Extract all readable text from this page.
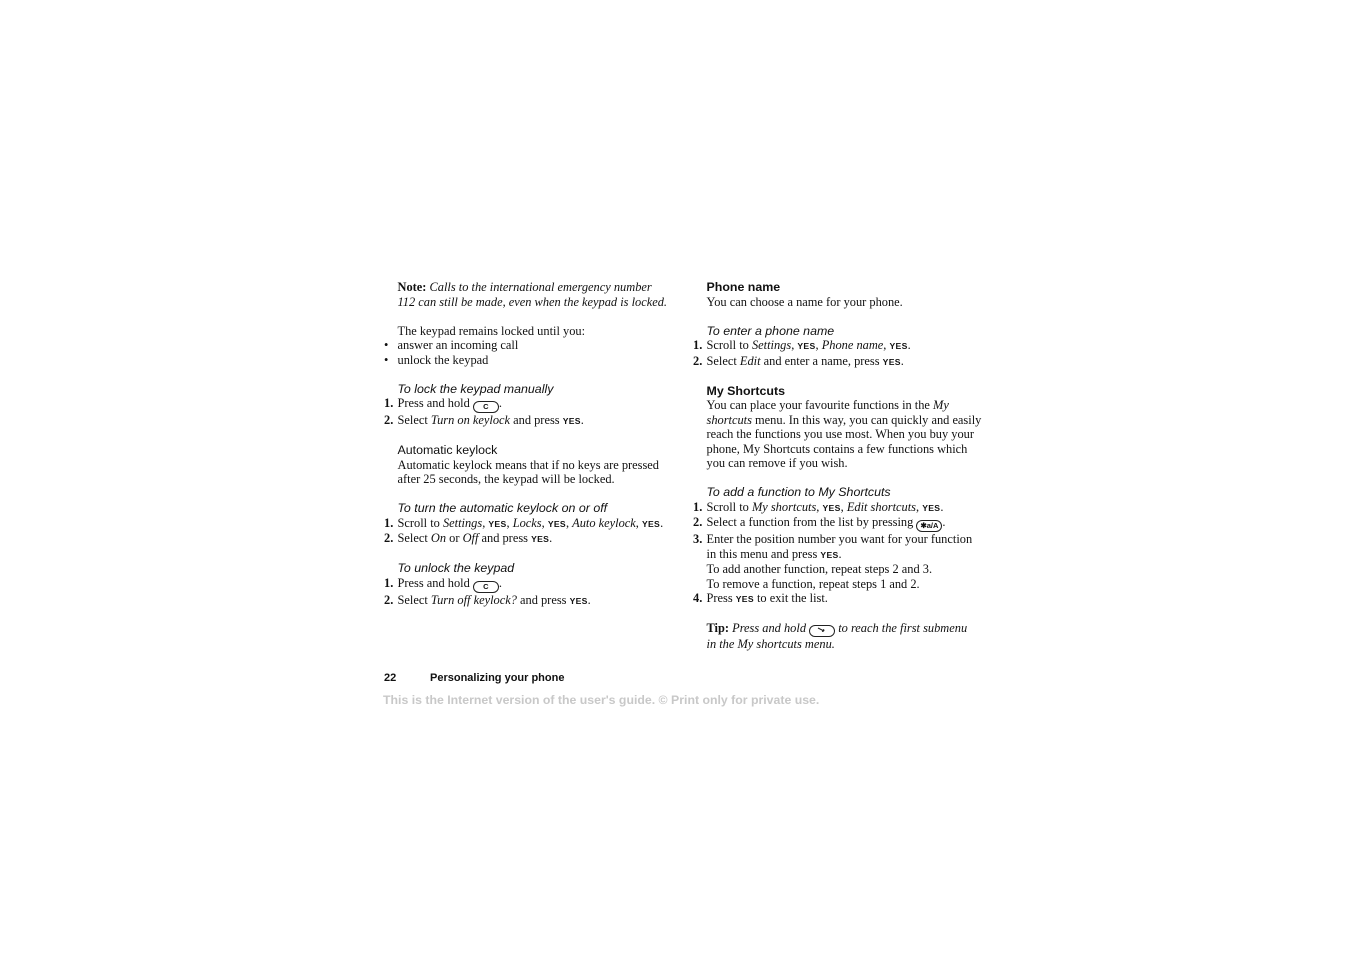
Note: Calls to the international emergency number
112 can still be made, even when the keypad is locked.
The keypad remains locked until you:
• answer an incoming call
• unlock the keypad
To lock the keypad manually
1. Press and hold C .
2. Select Turn on keylock and press YES.
Automatic keylock
Automatic keylock means that if no keys are pressed
after 25 seconds, the keypad will be locked.
To turn the automatic keylock on or off
1. Scroll to Settings, YES, Locks, YES, Auto keylock, YES.
2. Select On or Off and press YES.
To unlock the keypad
1. Press and hold C .
2. Select Turn off keylock? and press YES.
Phone name
You can choose a name for your phone.
To enter a phone name
1. Scroll to Settings, YES, Phone name, YES.
2. Select Edit and enter a name, press YES.
My Shortcuts
You can place your favourite functions in the My
shortcuts menu. In this way, you can quickly and easily
reach the functions you use most. When you buy your
phone, My Shortcuts contains a few functions which
you can remove if you wish.
To add a function to My Shortcuts
1. Scroll to My shortcuts, YES, Edit shortcuts, YES.
2. Select a function from the list by pressing ✱a/A .
3. Enter the position number you want for your function
in this menu and press YES.
To add another function, repeat steps 2 and 3.
To remove a function, repeat steps 1 and 2.
4. Press YES to exit the list.
Tip: Press and hold  to reach the first submenu
in the My shortcuts menu.
22	Personalizing your phone
This is the Internet version of the user's guide. © Print only for private use.
